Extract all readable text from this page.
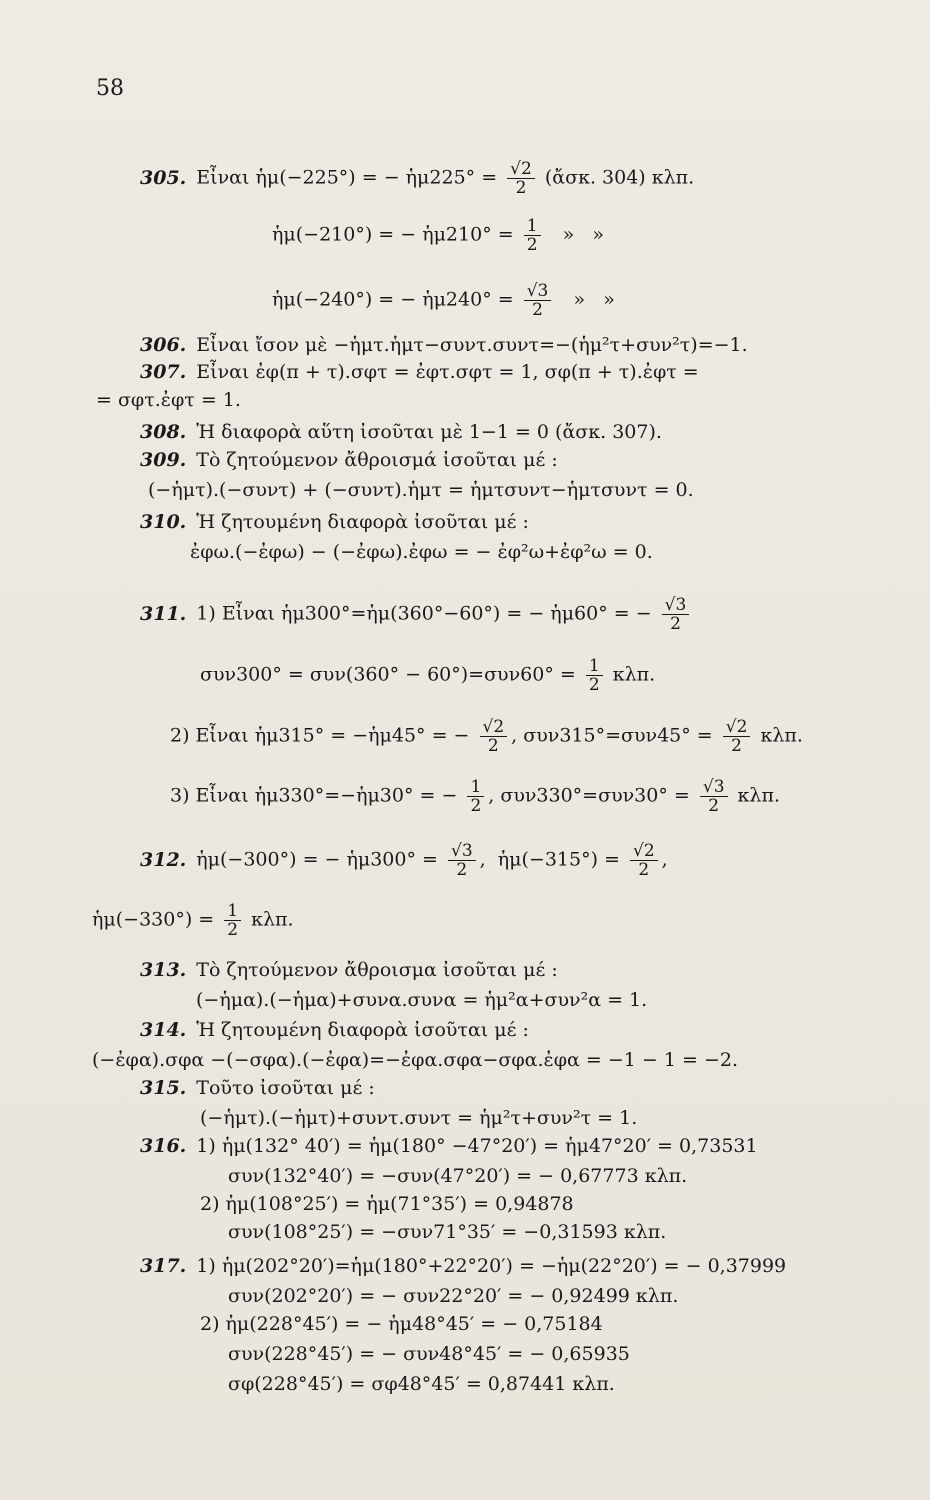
58
305. Εἶναι ἡμ(−225°) = − ἡμ225° = $\frac{√2}{2}$ (ἄσκ. 304) κλπ.
ἡμ(−210°) = − ἡμ210° = $\frac{1}{2}$ »   »
ἡμ(−240°) = − ἡμ240° = $\frac{√3}{2}$ »   »
306. Εἶναι ἴσον μὲ −ἡμτ.ἡμτ−συντ.συντ=−(ἡμ²τ+συν²τ)=−1.
307. Εἶναι ἐφ(π + τ).σφτ = ἐφτ.σφτ = 1, σφ(π + τ).ἐφτ =
= σφτ.ἐφτ = 1.
308. Ἡ διαφορὰ αὕτη ἰσοῦται μὲ 1−1 = 0 (ἄσκ. 307).
309. Τὸ ζητούμενον ἄθροισμά ἰσοῦται μέ :
(−ἡμτ).(−συντ) + (−συντ).ἡμτ = ἡμτσυντ−ἡμτσυντ = 0.
310. Ἡ ζητουμένη διαφορὰ ἰσοῦται μέ :
ἐφω.(−ἐφω) − (−ἐφω).ἐφω = − ἐφ²ω+ἐφ²ω = 0.
311. 1) Εἶναι ἡμ300°=ἡμ(360°−60°) = − ἡμ60° = − $\frac{√3}{2}$
$\sigma\upsilon\nu 300^\circ = \sigma\upsilon\nu(360^\circ - 60^\circ)=\sigma\upsilon\nu 60^\circ = \frac{1}{2} \kappa\lambda\pi$.
2) Εἶναι ἡμ315° = −ἡμ45° = − $\frac{√2}{2}$ , $\sigma\upsilon\nu 315^\circ=\sigma\upsilon\nu 45^\circ = \frac{√2}{2} \kappa\lambda\pi$.
3) Εἶναι ἡμ330°=−ἡμ30° = − $\frac{1}{2}$ , $\sigma\upsilon\nu 330^\circ=\sigma\upsilon\nu 30^\circ = \frac{√3}{2} \kappa\lambda\pi$.
312. ἡμ(−300°) = − ἡμ300° = $\frac{√3}{2}$ ,  ἡμ(−315°) = $\frac{√2}{2}$ ,
ἡμ(−330°) = $\frac{1}{2} \kappa\lambda\pi$.
313. Τὸ ζητούμενον ἄθροισμα ἰσοῦται μέ :
(−ἡμα).(−ἡμα)+συνα.συνα = ἡμ²α+συν²α = 1.
314. Ἡ ζητουμένη διαφορὰ ἰσοῦται μέ :
(−ἐφα).σφα −(−σφα).(−ἐφα)=−ἐφα.σφα−σφα.ἐφα = −1 − 1 = −2.
315. Τοῦτο ἰσοῦται μέ :
(−ἡμτ).(−ἡμτ)+συντ.συντ = ἡμ²τ+συν²τ = 1.
316. 1) ἡμ(132° 40′) = ἡμ(180° −47°20′) = ἡμ47°20′ = 0,73531
συν(132°40′) = −συν(47°20′) = − 0,67773 κλπ.
2) ἡμ(108°25′) = ἡμ(71°35′) = 0,94878
συν(108°25′) = −συν71°35′ = −0,31593 κλπ.
317. 1) ἡμ(202°20′)=ἡμ(180°+22°20′) = −ἡμ(22°20′) = − 0,37999
συν(202°20′) = − συν22°20′ = − 0,92499 κλπ.
2) ἡμ(228°45′) = − ἡμ48°45′ = − 0,75184
συν(228°45′) = − συν48°45′ = − 0,65935
σφ(228°45′) = σφ48°45′ = 0,87441 κλπ.
